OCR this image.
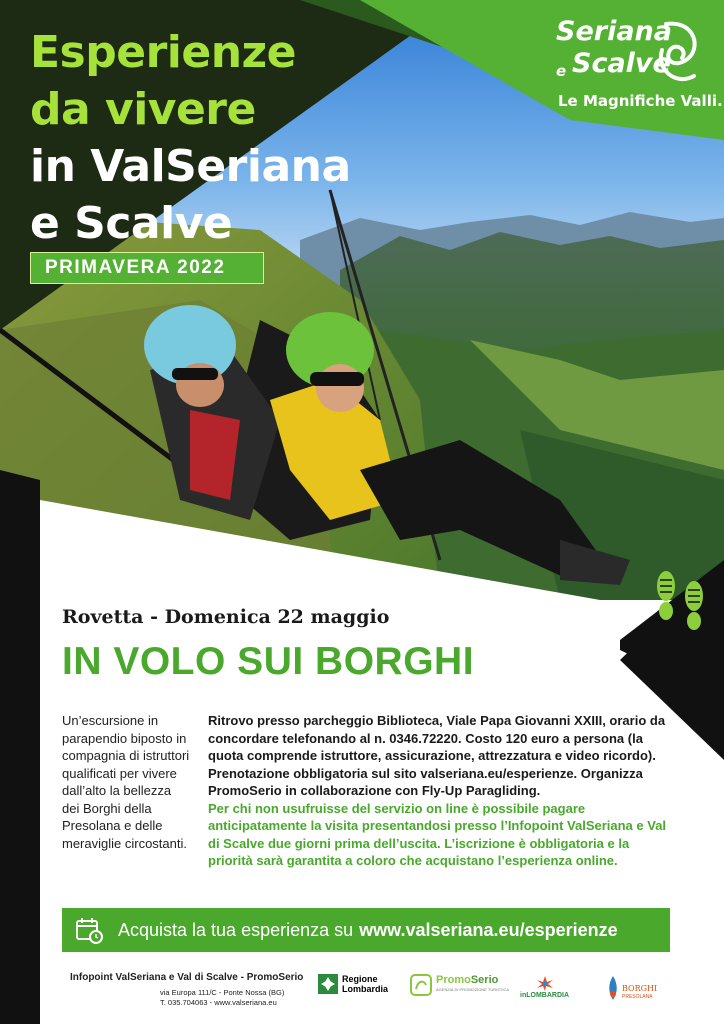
Esperienze
da vivere
in ValSeriana
e Scalve
PRIMAVERA 2022
Seriana
e Scalve
Le Magnifiche Valli.
Rovetta - Domenica 22 maggio
IN VOLO SUI BORGHI
Un’escursione in parapendio biposto in compagnia di istruttori qualificati per vivere dall’alto la bellezza dei Borghi della Presolana e delle meraviglie circostanti.
Ritrovo presso parcheggio Biblioteca, Viale Papa Giovanni XXIII, orario da concordare telefonando al n. 0346.72220. Costo 120 euro a persona (la quota comprende istruttore, assicurazione, attrezzatura e video ricordo). Prenotazione obbligatoria sul sito valseriana.eu/esperienze. Organizza PromoSerio in collaborazione con Fly-Up Paragliding.
Per chi non usufruisse del servizio on line è possibile pagare anticipatamente la visita presentandosi presso l’Infopoint ValSeriana e Val di Scalve due giorni prima dell’uscita. L’iscrizione è obbligatoria e la priorità sarà garantita a coloro che acquistano l’esperienza online.
Acquista la tua esperienza su www.valseriana.eu/esperienze
Infopoint ValSeriana e Val di Scalve - PromoSerio
via Europa 111/C - Ponte Nossa (BG)
T. 035.704063 - www.valseriana.eu
Regione
Lombardia
PromoSerio
AGENZIA DI PROMOZIONE TURISTICA
inLOMBARDIA
BORGHI
PRESOLANA
